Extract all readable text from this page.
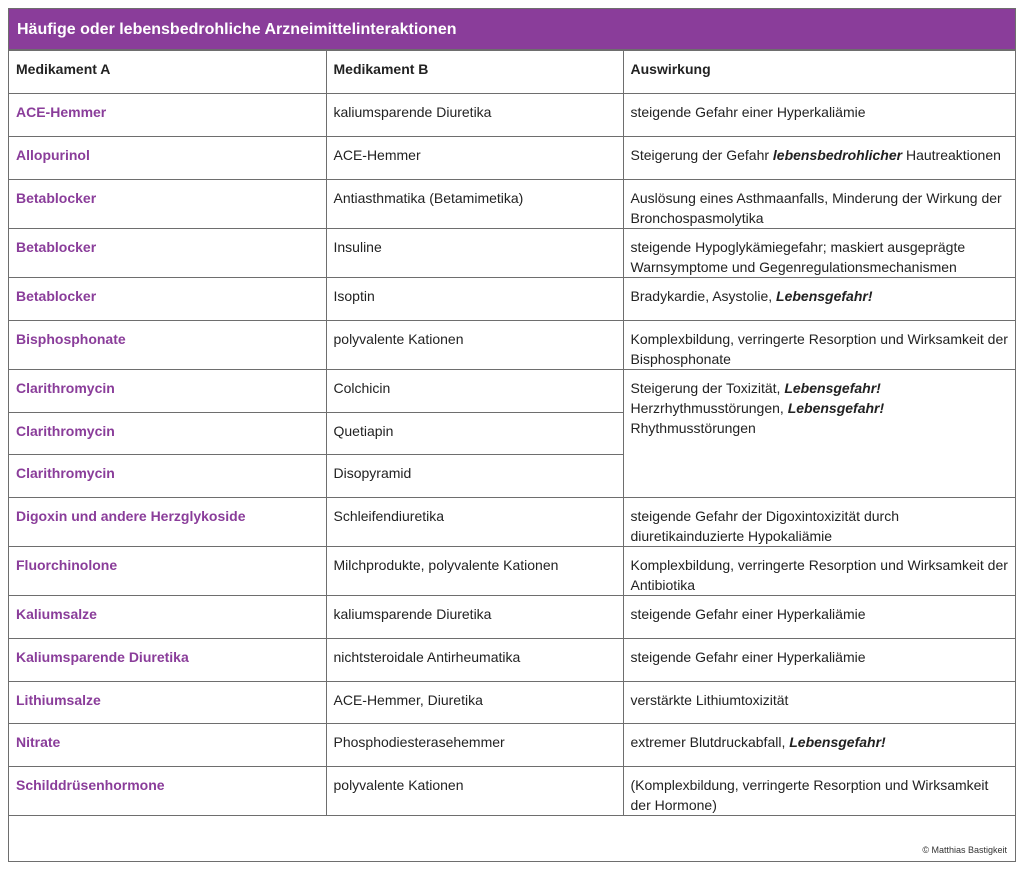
Häufige oder lebensbedrohliche Arzneimittelinteraktionen
Medikament A	Medikament B	Auswirkung
ACE-Hemmer	kaliumsparende Diuretika	steigende Gefahr einer Hyperkaliämie
Allopurinol	ACE-Hemmer	Steigerung der Gefahr lebensbedrohlicher Hautreaktionen
Betablocker	Antiasthmatika (Betamimetika)	Auslösung eines Asthmaanfalls, Minderung der Wirkung der Bronchospasmolytika
Betablocker	Insuline	steigende Hypoglykämiegefahr; maskiert ausgeprägte Warnsymptome und Gegenregulationsmechanismen
Betablocker	Isoptin	Bradykardie, Asystolie, Lebensgefahr!
Bisphosphonate	polyvalente Kationen	Komplexbildung, verringerte Resorption und Wirksamkeit der Bisphosphonate
Clarithromycin	Colchicin	Steigerung der Toxizität, Lebensgefahr!
Herzrhythmusstörungen, Lebensgefahr!
Rhythmusstörungen

Clarithromycin	Quetiapin	
Clarithromycin	Disopyramid	
Digoxin und andere Herzglykoside	Schleifendiuretika	steigende Gefahr der Digoxintoxizität durch diuretikainduzierte Hypokaliämie
Fluorchinolone	Milchprodukte, polyvalente Kationen	Komplexbildung, verringerte Resorption und Wirksamkeit der Antibiotika
Kaliumsalze	kaliumsparende Diuretika	steigende Gefahr einer Hyperkaliämie
Kaliumsparende Diuretika	nichtsteroidale Antirheumatika	steigende Gefahr einer Hyperkaliämie
Lithiumsalze	ACE-Hemmer, Diuretika	verstärkte Lithiumtoxizität
Nitrate	Phosphodiesterasehemmer	extremer Blutdruckabfall, Lebensgefahr!
Schilddrüsenhormone	polyvalente Kationen	(Komplexbildung, verringerte Resorption und Wirksamkeit der Hormone)
© Matthias Bastigkeit
